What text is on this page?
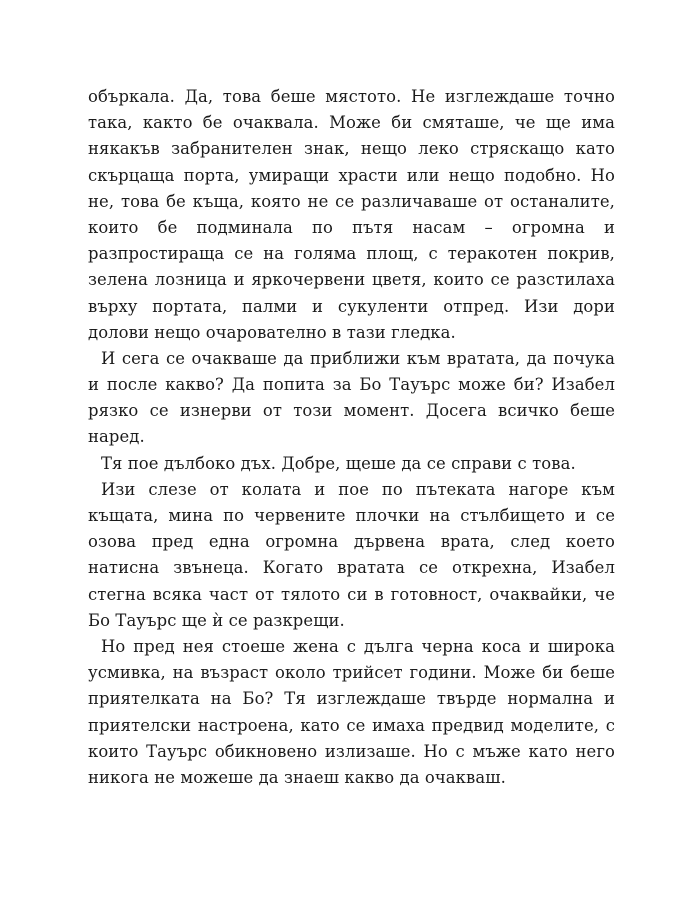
объркала. Да, това беше мястото. Не изглеждаше точно
така, както бе очаквала. Може би смяташе, че ще има
някакъв забранителен знак, нещо леко стряскащо като
скърцаща порта, умиращи храсти или нещо подобно. Но
не, това бе къща, която не се различаваше от останалите,
които бе подминала по пътя насам – огромна и
разпростираща се на голяма площ, с теракотен покрив,
зелена лозница и яркочервени цветя, които се разстилаха
върху портата, палми и сукуленти отпред. Изи дори
долови нещо очарователно в тази гледка.
И сега се очакваше да приближи към вратата, да почука
и после какво? Да попита за Бо Тауърс може би? Изабел
рязко се изнерви от този момент. Досега всичко беше
наред.
Тя пое дълбоко дъх. Добре, щеше да се справи с това.
Изи слезе от колата и пое по пътеката нагоре към
къщата, мина по червените плочки на стълбището и се
озова пред една огромна дървена врата, след което
натисна звънеца. Когато вратата се открехна, Изабел
стегна всяка част от тялото си в готовност, очаквайки, че
Бо Тауърс ще ѝ се разкрещи.
Но пред нея стоеше жена с дълга черна коса и широка
усмивка, на възраст около трийсет години. Може би беше
приятелката на Бо? Тя изглеждаше твърде нормална и
приятелски настроена, като се имаха предвид моделите, с
които Тауърс обикновено излизаше. Но с мъже като него
никога не можеше да знаеш какво да очакваш.
